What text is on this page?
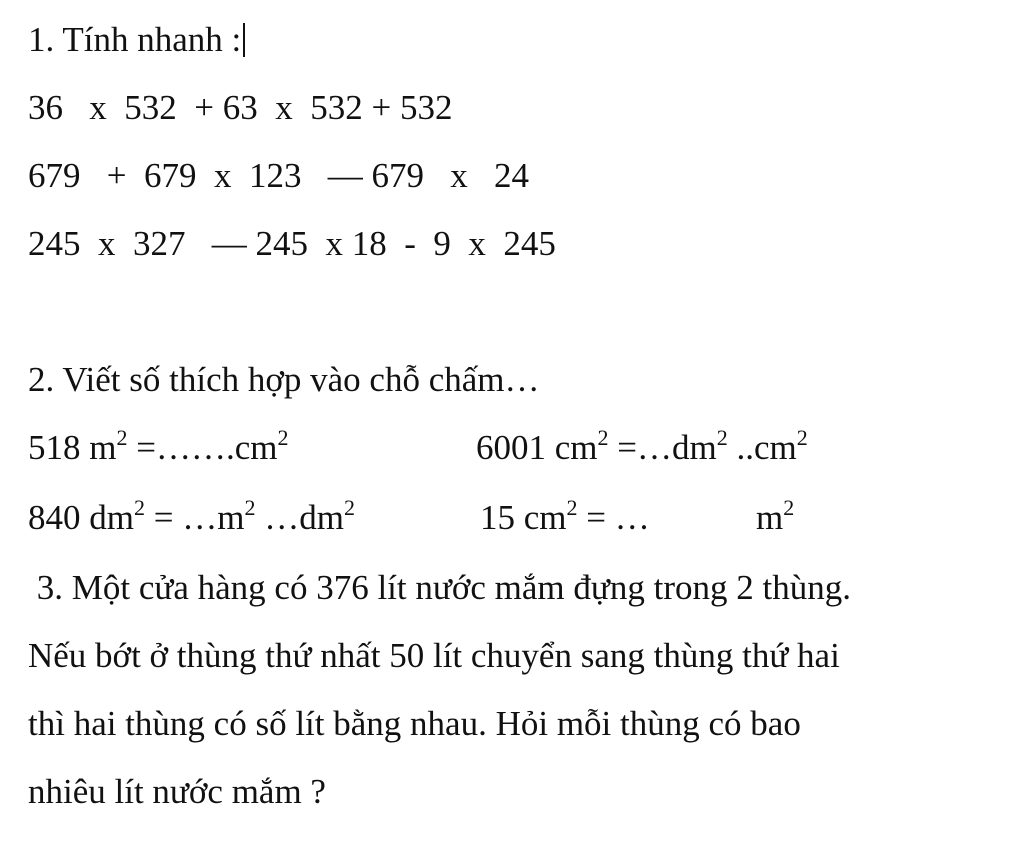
1. Tính nhanh :
36   x  532  + 63  x  532 + 532
679   +  679  x  123   — 679   x   24
245  x  327   — 245  x 18  -  9  x  245
2. Viết số thích hợp vào chỗ chấm…
518 $m^2$ $=\dots\dots.cm^2$	6001 $cm^2$ $=\dots dm^2$ $..cm^2$
840 $dm^2$ = $\dots m^2$ $\dots dm^2$	15 $cm^2$ = …	$m^2$
3. Một cửa hàng có 376 lít nước mắm đựng trong 2 thùng.
Nếu bớt ở thùng thứ nhất 50 lít chuyển sang thùng thứ hai
thì hai thùng có số lít bằng nhau. Hỏi mỗi thùng có bao
nhiêu lít nước mắm ?
